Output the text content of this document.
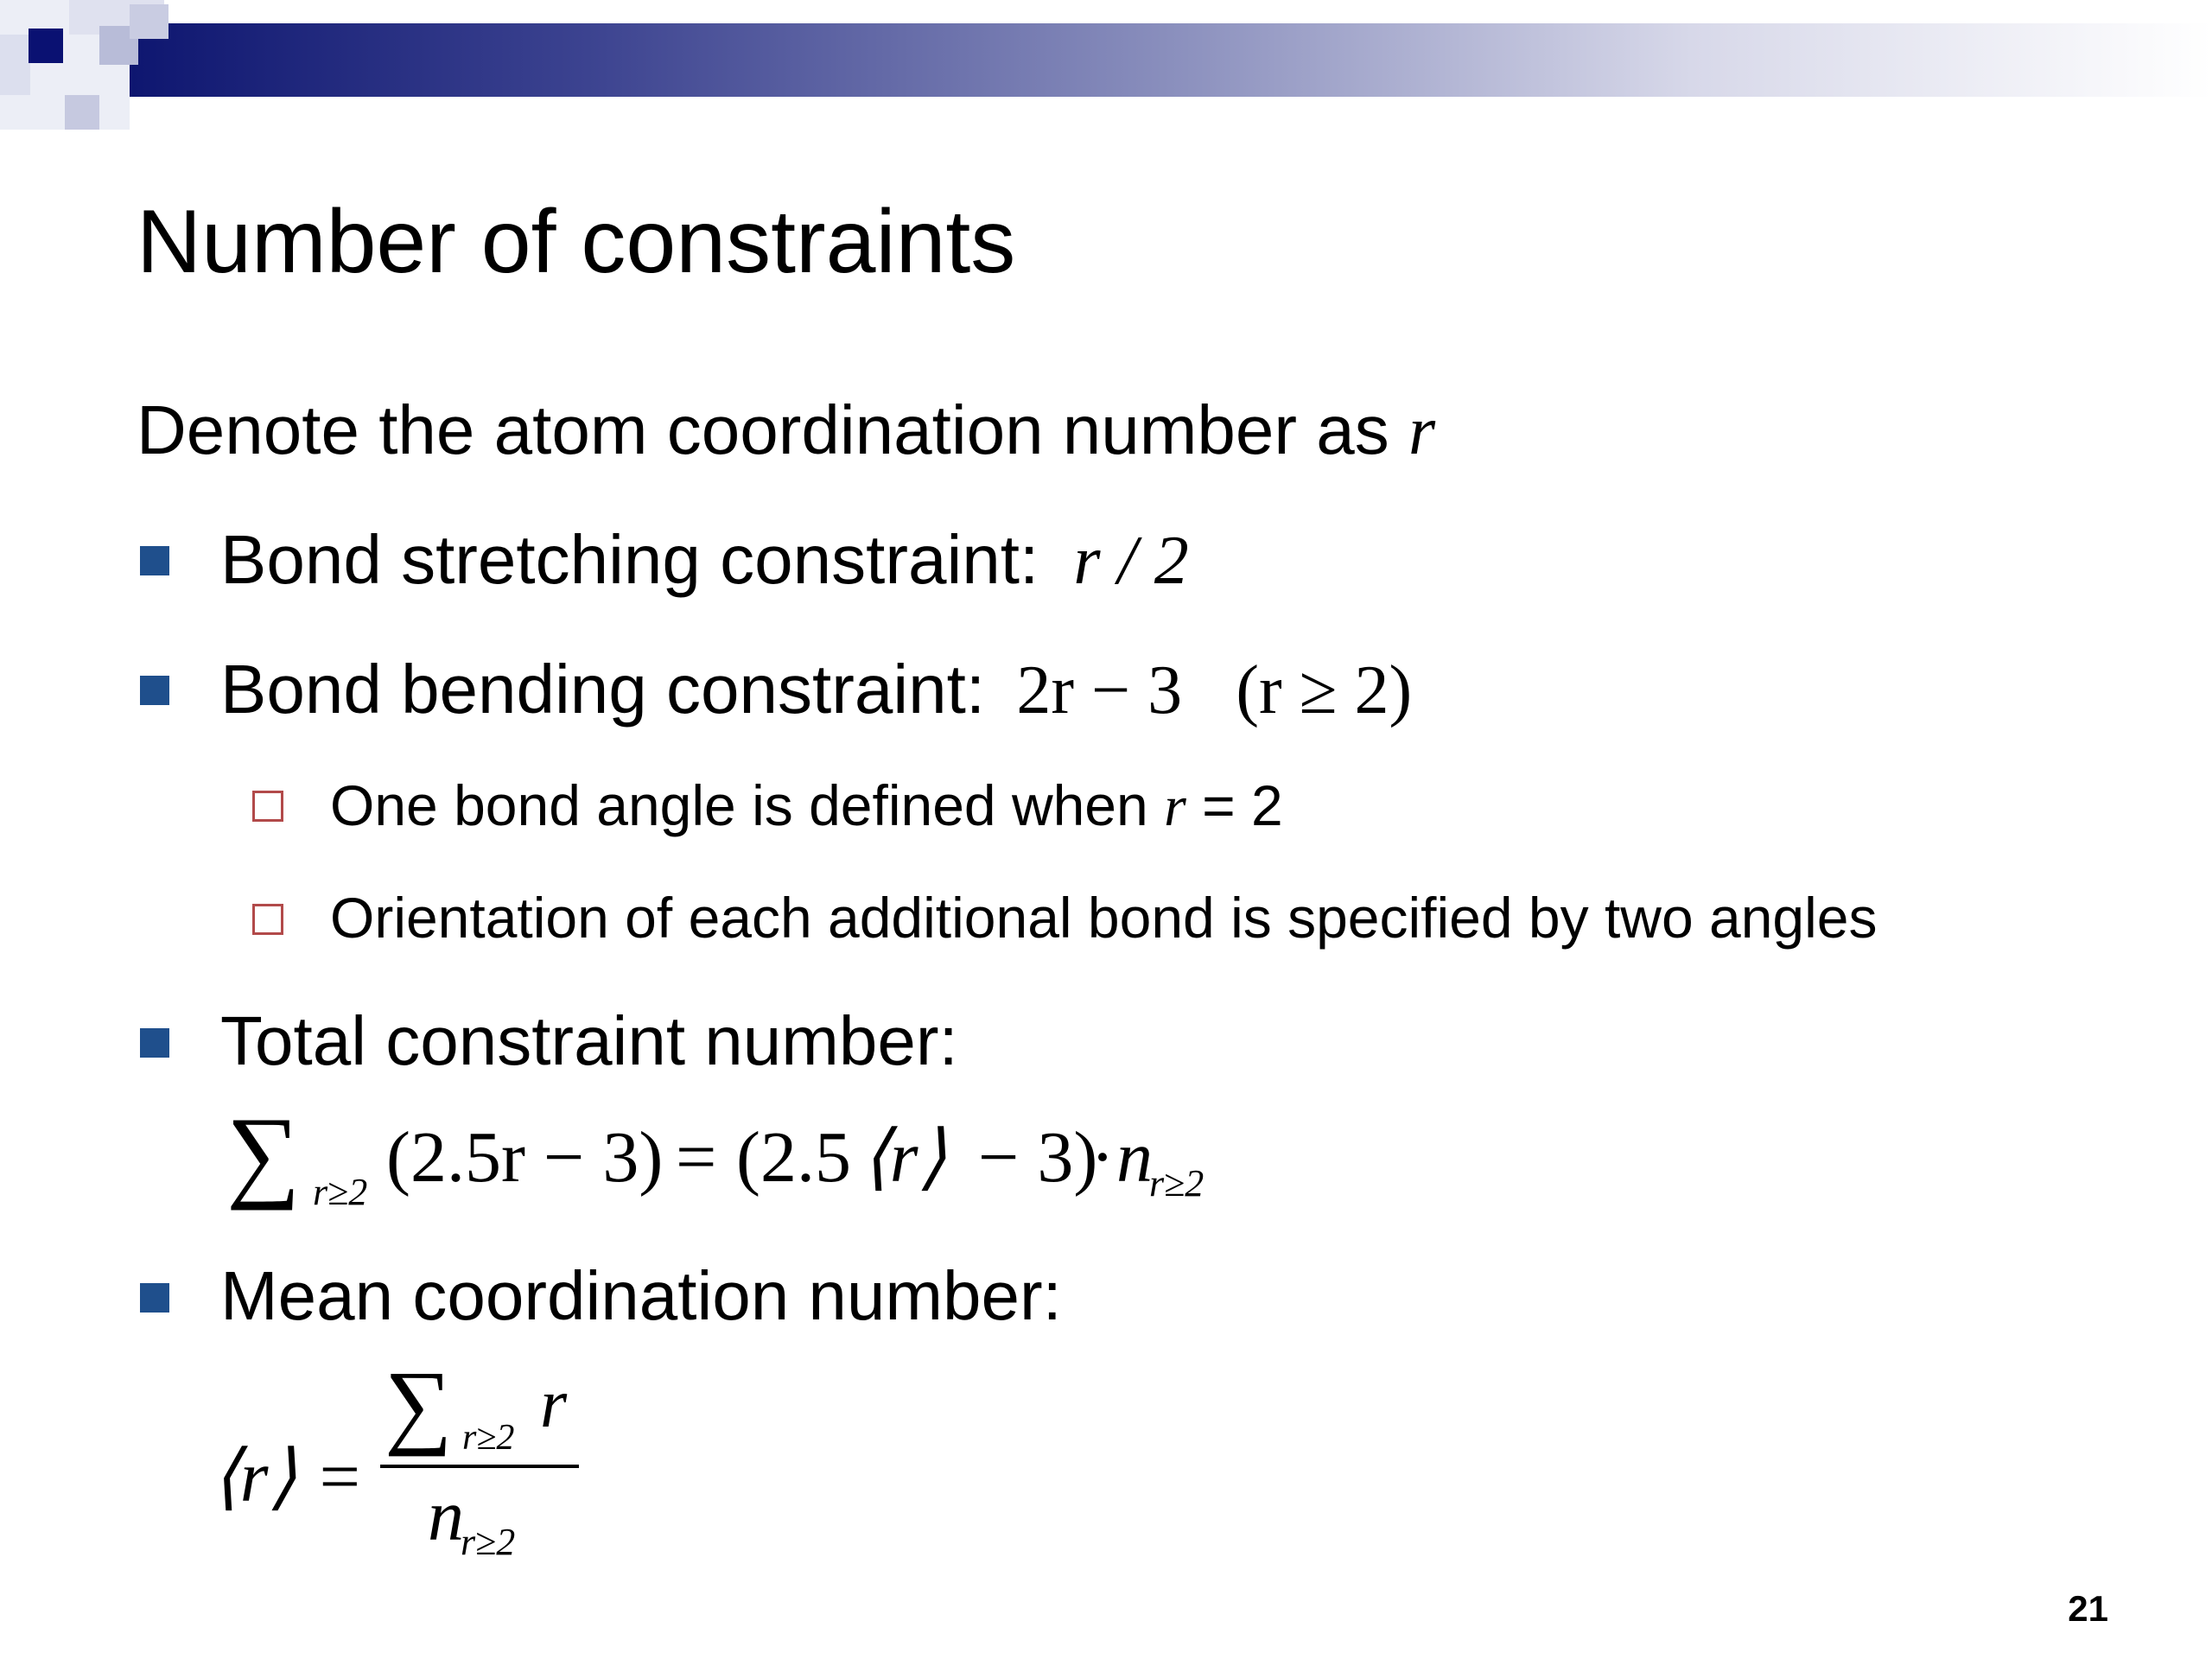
Number of constraints
Denote the atom coordination number as r
Bond stretching constraint: r / 2
Bond bending constraint: 2r − 3 (r ≥ 2)
One bond angle is defined when r = 2
Orientation of each additional bond is specified by two angles
Total constraint number:
∑ r≥2 (2.5r − 3) = (2.5 ⟨r⟩ − 3)
· n
r≥2
Mean coordination number:
⟨r⟩ =
∑ r≥2 r
n
r≥2
21
